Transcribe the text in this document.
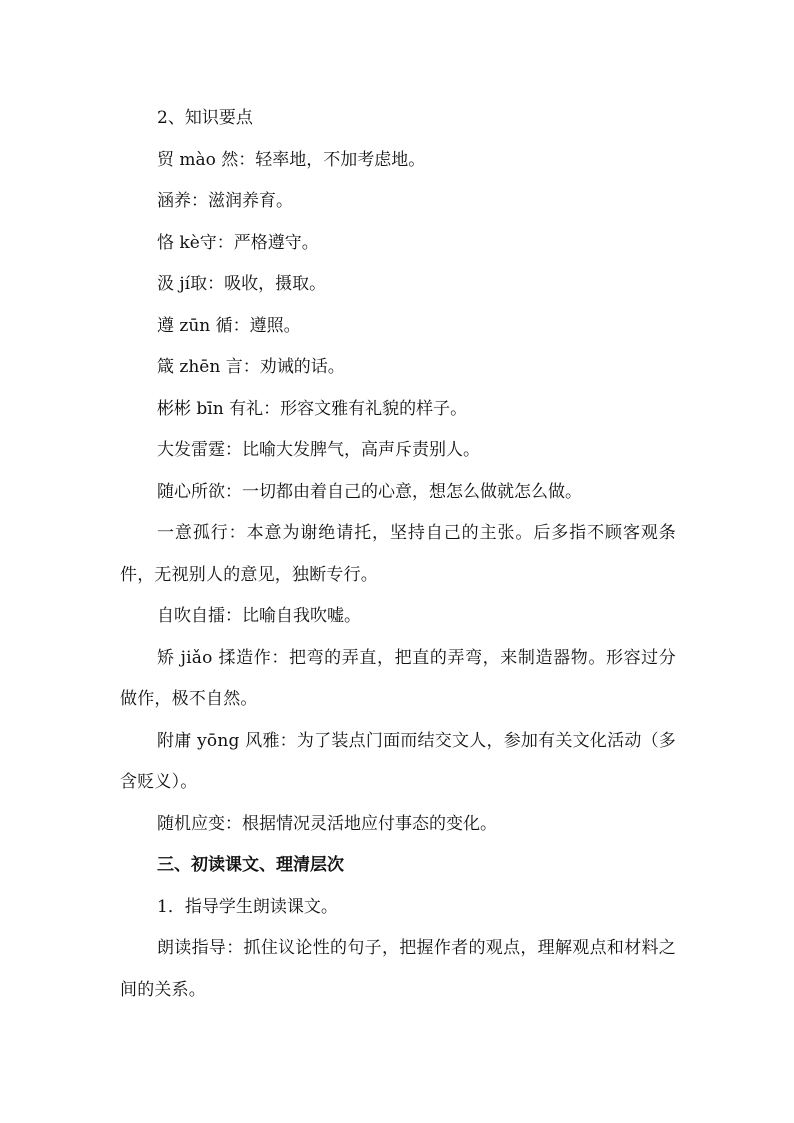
2、知识要点

贸 mào 然：轻率地，不加考虑地。

涵养：滋润养育。

恪 kè守：严格遵守。

汲 jí取：吸收，摄取。

遵 zūn 循：遵照。

箴 zhēn 言：劝诫的话。

彬彬 bīn 有礼：形容文雅有礼貌的样子。

大发雷霆：比喻大发脾气，高声斥责别人。

随心所欲：一切都由着自己的心意，想怎么做就怎么做。

一意孤行：本意为谢绝请托，坚持自己的主张。后多指不顾客观条件，无视别人的意见，独断专行。

自吹自擂：比喻自我吹嘘。

矫 jiǎo 揉造作：把弯的弄直，把直的弄弯，来制造器物。形容过分做作，极不自然。

附庸 yōng 风雅：为了装点门面而结交文人，参加有关文化活动（多含贬义）。

随机应变：根据情况灵活地应付事态的变化。

三、初读课文、理清层次

1．指导学生朗读课文。

朗读指导：抓住议论性的句子，把握作者的观点，理解观点和材料之间的关系。
